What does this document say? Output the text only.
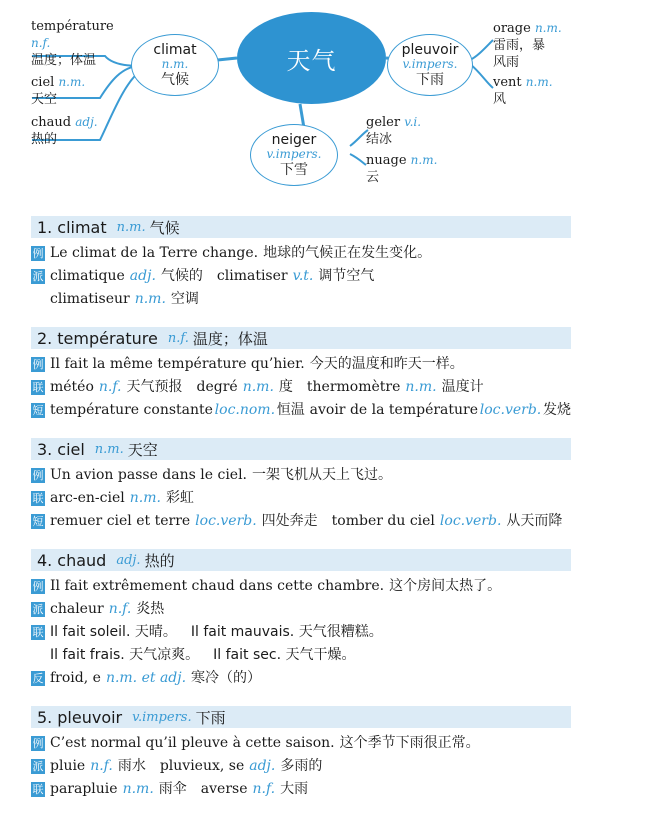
天气
climat
n.m.
气候
pleuvoir
v.impers.
下雨
neiger
v.impers.
下雪
température
n.f.
温度；体温
ciel n.m.
天空
chaud adj.
热的
orage n.m.
雷雨，暴
风雨
vent n.m.
风
geler v.i.
结冰
nuage n.m.
云
1. climat n.m. 气候
例 Le climat de la Terre change. 地球的气候正在发生变化。
派 climatique adj. 气候的 climatiser v.t. 调节空气
climatiseur n.m. 空调
2. température n.f. 温度；体温
例 Il fait la même température qu’hier. 今天的温度和昨天一样。
联 météo n.f. 天气预报 degré n.m. 度 thermomètre n.m. 温度计
短 température constante loc.nom. 恒温 avoir de la température loc.verb. 发烧
3. ciel n.m. 天空
例 Un avion passe dans le ciel. 一架飞机从天上飞过。
联 arc-en-ciel n.m. 彩虹
短 remuer ciel et terre loc.verb. 四处奔走 tomber du ciel loc.verb. 从天而降
4. chaud adj. 热的
例 Il fait extrêmement chaud dans cette chambre. 这个房间太热了。
派 chaleur n.f. 炎热
联 Il fait soleil. 天晴。 Il fait mauvais. 天气很糟糕。
Il fait frais. 天气凉爽。 Il fait sec. 天气干燥。
反 froid, e n.m. et adj. 寒冷（的）
5. pleuvoir v.impers. 下雨
例 C’est normal qu’il pleuve à cette saison. 这个季节下雨很正常。
派 pluie n.f. 雨水 pluvieux, se adj. 多雨的
联 parapluie n.m. 雨伞 averse n.f. 大雨
